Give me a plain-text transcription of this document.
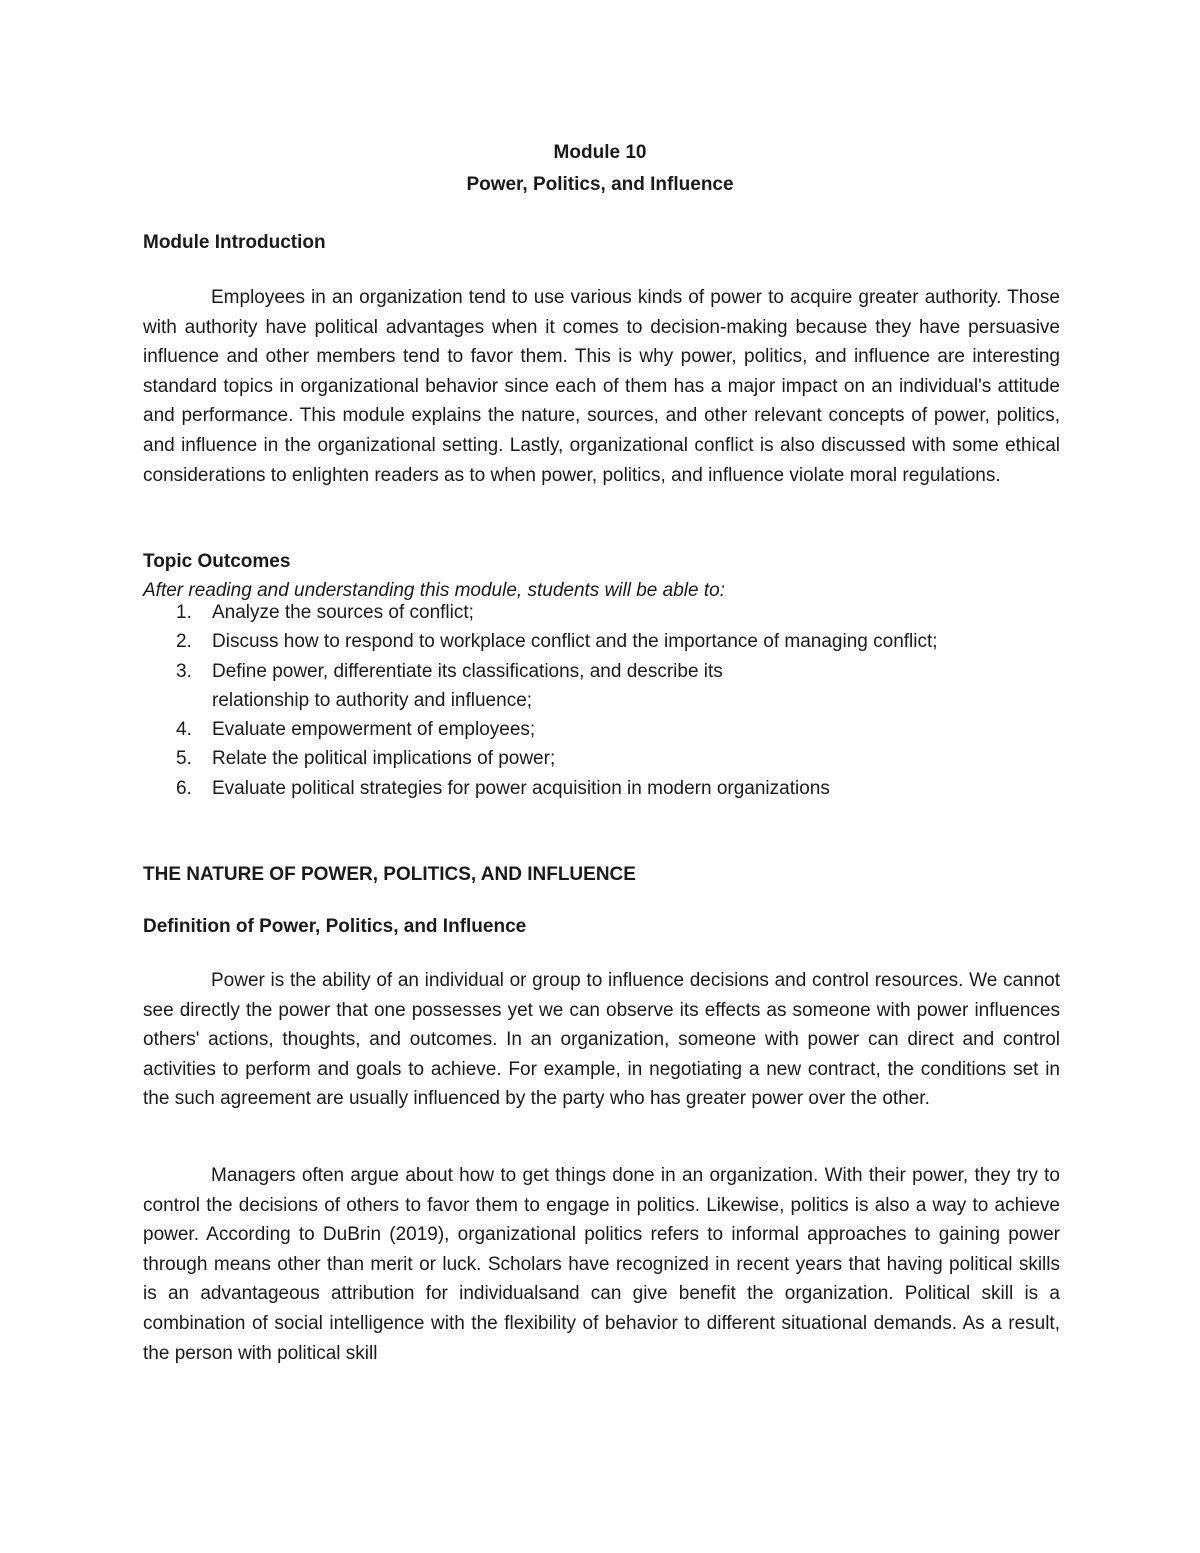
Module 10

Power, Politics, and Influence

Module Introduction

Employees in an organization tend to use various kinds of power to acquire greater authority. Those with authority have political advantages when it comes to decision-making because they have persuasive influence and other members tend to favor them. This is why power, politics, and influence are interesting standard topics in organizational behavior since each of them has a major impact on an individual's attitude and performance. This module explains the nature, sources, and other relevant concepts of power, politics, and influence in the organizational setting. Lastly, organizational conflict is also discussed with some ethical considerations to enlighten readers as to when power, politics, and influence violate moral regulations.

Topic Outcomes

After reading and understanding this module, students will be able to:

1. Analyze the sources of conflict;
2. Discuss how to respond to workplace conflict and the importance of managing conflict;
3. Define power, differentiate its classifications, and describe its relationship to authority and influence;
4. Evaluate empowerment of employees;
5. Relate the political implications of power;
6. Evaluate political strategies for power acquisition in modern organizations

THE NATURE OF POWER, POLITICS, AND INFLUENCE

Definition of Power, Politics, and Influence

Power is the ability of an individual or group to influence decisions and control resources. We cannot see directly the power that one possesses yet we can observe its effects as someone with power influences others' actions, thoughts, and outcomes. In an organization, someone with power can direct and control activities to perform and goals to achieve. For example, in negotiating a new contract, the conditions set in the such agreement are usually influenced by the party who has greater power over the other.

Managers often argue about how to get things done in an organization. With their power, they try to control the decisions of others to favor them to engage in politics. Likewise, politics is also a way to achieve power. According to DuBrin (2019), organizational politics refers to informal approaches to gaining power through means other than merit or luck. Scholars have recognized in recent years that having political skills is an advantageous attribution for individualsand can give benefit the organization. Political skill is a combination of social intelligence with the flexibility of behavior to different situational demands. As a result, the person with political skill
